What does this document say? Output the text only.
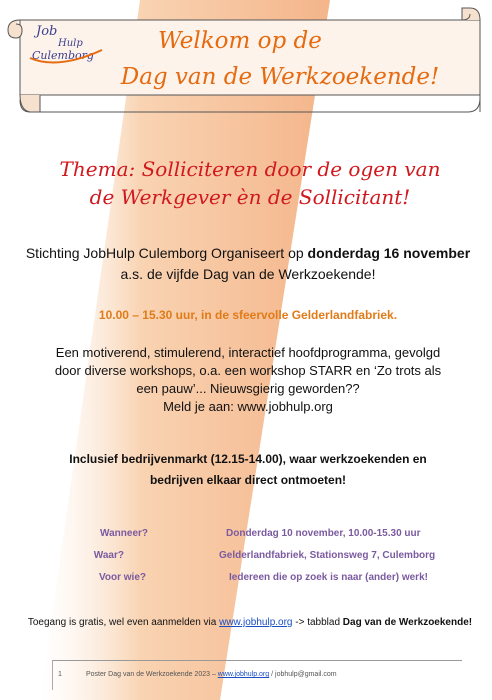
Job
Hulp
Culemborg
Welkom op de
Dag van de Werkzoekende!
Thema: Solliciteren door de ogen van
de Werkgever èn de Sollicitant!
Stichting JobHulp Culemborg Organiseert op donderdag 16 november a.s. de vijfde Dag van de Werkzoekende!
10.00 – 15.30 uur, in de sfeervolle Gelderlandfabriek.
Een motiverend, stimulerend, interactief hoofdprogramma, gevolgd
door diverse workshops, o.a. een workshop STARR en ‘Zo trots als
een pauw’... Nieuwsgierig geworden??
Meld je aan: www.jobhulp.org
Inclusief bedrijvenmarkt (12.15-14.00), waar werkzoekenden en
bedrijven elkaar direct ontmoeten!
Wanneer?	Donderdag 10 november, 10.00-15.30 uur
Waar?	Gelderlandfabriek, Stationsweg 7, Culemborg
Voor wie?	Iedereen die op zoek is naar (ander) werk!
Toegang is gratis, wel even aanmelden via www.jobhulp.org -> tabblad Dag van de Werkzoekende!
1	Poster Dag van de Werkzoekende 2023 – www.jobhulp.org / jobhulp@gmail.com
